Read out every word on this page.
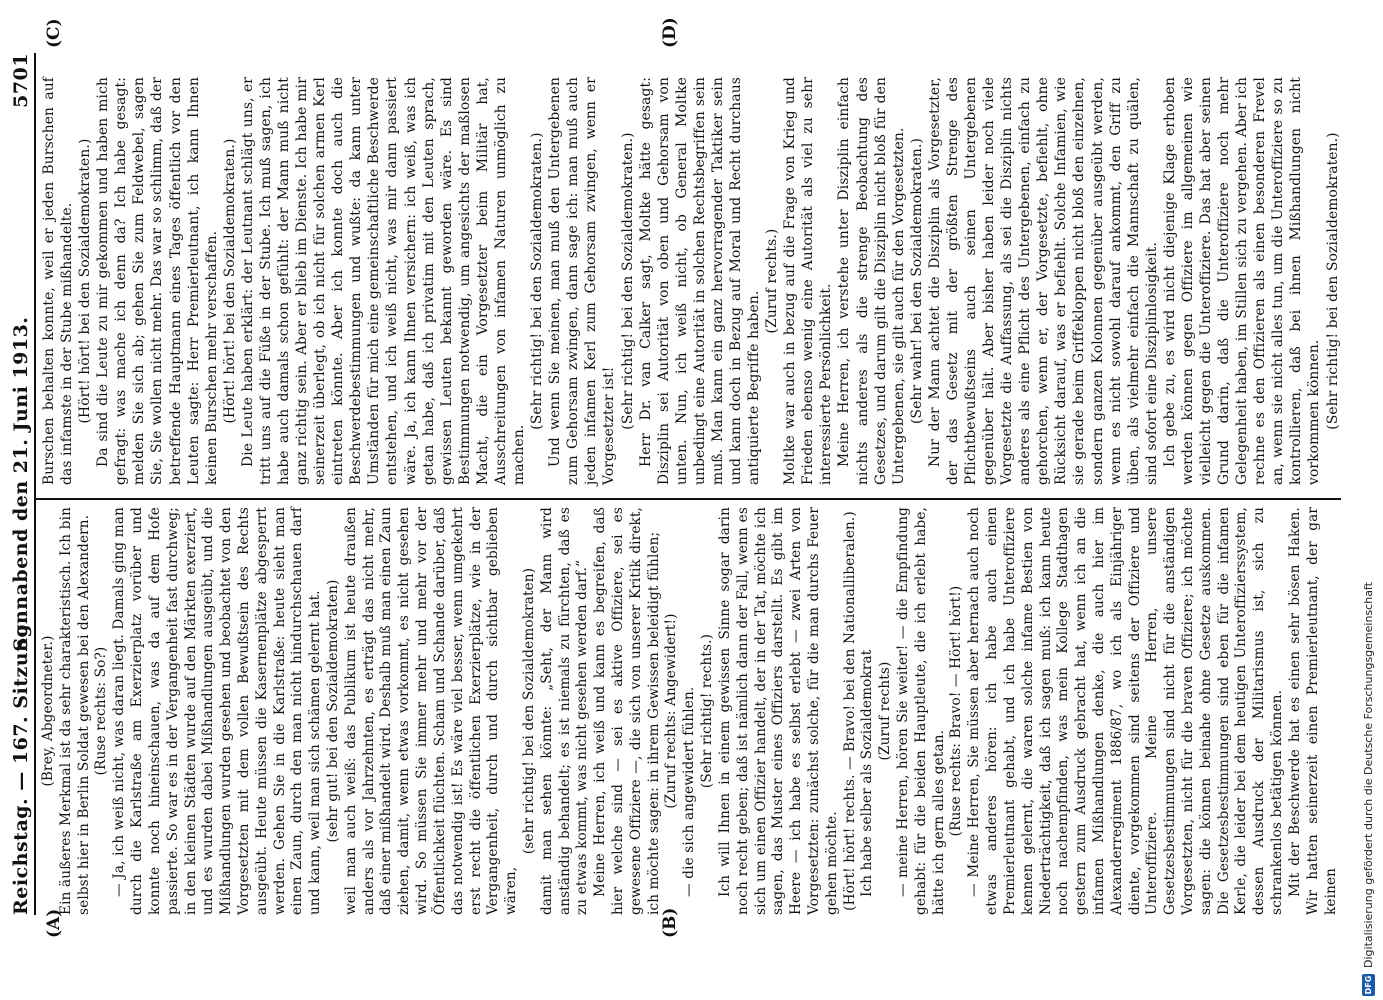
Reichstag. — 167. Sitzung.
Sonnabend den 21. Juni 1913.
5701
(A)	(B)
(C)	(D)

(Brey, Abgeordneter.) Ein äußeres Merkmal ist da sehr charakteristisch. Ich bin selbst hier in Berlin Soldat gewesen bei den Alexandern. (Ruse rechts: So?) — Ja, ich weiß nicht, was daran liegt. Damals ging man durch die Karlstraße am Exerzierplatz vorüber und konnte noch hineinschauen, was da auf dem Hofe passierte. So war es in der Vergangenheit fast durchweg; in den kleinen Städten wurde auf den Märkten exerziert, und es wurden dabei Mißhandlungen ausgeübt, und die Mißhandlungen wurden gesehen und beobachtet von den Vorgesetzten mit dem vollen Bewußtsein des Rechts ausgeübt. Heute müssen die Kasernenplätze abgesperrt werden. Gehen Sie in die Karlstraße: heute sieht man einen Zaun, durch den man nicht hindurchschauen darf und kann, weil man sich schämen gelernt hat. (sehr gut! bei den Sozialdemokraten) weil man auch weiß: das Publikum ist heute draußen anders als vor Jahrzehnten, es erträgt das nicht mehr, daß einer mißhandelt wird. Deshalb muß man einen Zaun ziehen, damit, wenn etwas vorkommt, es nicht gesehen wird. So müssen Sie immer mehr und mehr vor der Öffentlichkeit flüchten. Scham und Schande darüber, daß das notwendig ist! Es wäre viel besser, wenn umgekehrt erst recht die öffentlichen Exerzierplätze, wie in der Vergangenheit, durch und durch sichtbar geblieben wären,

(sehr richtig! bei den Sozialdemokraten) damit man sehen könnte: „Seht, der Mann wird anständig behandelt; es ist niemals zu fürchten, daß es zu etwas kommt, was nicht gesehen werden darf.“ Meine Herren, ich weiß und kann es begreifen, daß hier welche sind — sei es aktive Offiziere, sei es gewesene Offiziere —, die sich von unserer Kritik direkt, ich möchte sagen: in ihrem Gewissen beleidigt fühlen; (Zuruf rechts: Angewidert!) — die sich angewidert fühlen. (Sehr richtig! rechts.) Ich will Ihnen in einem gewissen Sinne sogar darin noch recht geben; daß ist nämlich dann der Fall, wenn es sich um einen Offizier handelt, der in der Tat, möchte ich sagen, das Muster eines Offiziers darstellt. Es gibt im Heere — ich habe es selbst erlebt — zwei Arten von Vorgesetzten: zunächst solche, für die man durchs Feuer gehen möchte. (Hört! hört! rechts. — Bravo! bei den Nationalliberalen.) Ich habe selber als Sozialdemokrat (Zuruf rechts) — meine Herren, hören Sie weiter! — die Empfindung gehabt: für die beiden Hauptleute, die ich erlebt habe, hätte ich gern alles getan. (Ruse rechts: Bravo! — Hört! hört!) — Meine Herren, Sie müssen aber hernach auch noch etwas anderes hören: ich habe auch einen Premierleutnant gehabt, und ich habe Unteroffiziere kennen gelernt, die waren solche infame Bestien von Niederträchtigkeit, daß ich sagen muß: ich kann heute noch nachempfinden, was mein Kollege Stadthagen gestern zum Ausdruck gebracht hat, wenn ich an die infamen Mißhandlungen denke, die auch hier im Alexanderregiment 1886/87, wo ich als Einjähriger diente, vorgekommen sind seitens der Offiziere und Unteroffiziere. Meine Herren, unsere Gesetzesbestimmungen sind nicht für die anständigen Vorgesetzten, nicht für die braven Offiziere; ich möchte sagen: die können beinahe ohne Gesetze auskommen. Die Gesetzesbestimmungen sind eben für die infamen Kerle, die leider bei dem heutigen Unteroffizierssystem, dessen Ausdruck der Militarismus ist, sich zu schrankenlos betätigen können. Mit der Beschwerde hat es einen sehr bösen Haken. Wir hatten seinerzeit einen Premierleutnant, der gar keinen

Burschen behalten konnte, weil er jeden Burschen auf das infamste in der Stube mißhandelte. (Hört! hört! bei den Sozialdemokraten.) Da sind die Leute zu mir gekommen und haben mich gefragt: was mache ich denn da? Ich habe gesagt: melden Sie sich ab; gehen Sie zum Feldwebel, sagen Sie, Sie wollen nicht mehr. Das war so schlimm, daß der betreffende Hauptmann eines Tages öffentlich vor den Leuten sagte: Herr Premierleutnant, ich kann Ihnen keinen Burschen mehr verschaffen. (Hört! hört! bei den Sozialdemokraten.) Die Leute haben erklärt: der Leutnant schlägt uns, er tritt uns auf die Füße in der Stube. Ich muß sagen, ich habe auch damals schon gefühlt: der Mann muß nicht ganz richtig sein. Aber er blieb im Dienste. Ich habe mir seinerzeit überlegt, ob ich nicht für solchen armen Kerl eintreten könnte. Aber ich konnte doch auch die Beschwerdebestimmungen und wußte: da kann unter Umständen für mich eine gemeinschaftliche Beschwerde entstehen, und ich weiß nicht, was mir dann passiert wäre. Ja, ich kann Ihnen versichern: ich weiß, was ich getan habe, daß ich privatim mit den Leuten sprach, gewissen Leuten bekannt geworden wäre. Es sind Bestimmungen notwendig, um angesichts der maßlosen Macht, die ein Vorgesetzter beim Militär hat, Ausschreitungen von infamen Naturen unmöglich zu machen.

(Sehr richtig! bei den Sozialdemokraten.) Und wenn Sie meinen, man muß den Untergebenen zum Gehorsam zwingen, dann sage ich: man muß auch jeden infamen Kerl zum Gehorsam zwingen, wenn er Vorgesetzter ist! (Sehr richtig! bei den Sozialdemokraten.) Herr Dr. van Calker sagt, Moltke hätte gesagt: Disziplin sei Autorität von oben und Gehorsam von unten. Nun, ich weiß nicht, ob General Moltke unbedingt eine Autorität in solchen Rechtsbegriffen sein muß. Man kann ein ganz hervorragender Taktiker sein und kann doch in Bezug auf Moral und Recht durchaus antiquierte Begriffe haben.

(Zuruf rechts.) Moltke war auch in bezug auf die Frage von Krieg und Frieden ebenso wenig eine Autorität als viel zu sehr interessierte Persönlichkeit. Meine Herren, ich verstehe unter Disziplin einfach nichts anderes als die strenge Beobachtung des Gesetzes, und darum gilt die Disziplin nicht bloß für den Untergebenen, sie gilt auch für den Vorgesetzten. (Sehr wahr! bei den Sozialdemokraten.) Nur der Mann achtet die Disziplin als Vorgesetzter, der das Gesetz mit der größten Strenge des Pflichtbewußtseins auch seinen Untergebenen gegenüber hält. Aber bisher haben leider noch viele Vorgesetzte die Auffassung, als sei die Disziplin nichts anderes als eine Pflicht des Untergebenen, einfach zu gehorchen, wenn er, der Vorgesetzte, befiehlt, ohne Rücksicht darauf, was er befiehlt. Solche Infamien, wie sie gerade beim Griffekloppen nicht bloß den einzelnen, sondern ganzen Kolonnen gegenüber ausgeübt werden, wenn es nicht sowohl darauf ankommt, den Griff zu üben, als vielmehr einfach die Mannschaft zu quälen, sind sofort eine Disziplinlosigkeit. Ich gebe zu, es wird nicht diejenige Klage erhoben werden können gegen Offiziere im allgemeinen wie vielleicht gegen die Unteroffiziere. Das hat aber seinen Grund darin, daß die Unteroffiziere noch mehr Gelegenheit haben, im Stillen sich zu vergehen. Aber ich rechne es den Offizieren als einen besonderen Frevel an, wenn sie nicht alles tun, um die Unteroffiziere so zu kontrollieren, daß bei ihnen Mißhandlungen nicht vorkommen können. (Sehr richtig! bei den Sozialdemokraten.)

DFG
Digitalisierung gefördert durch die Deutsche Forschungsgemeinschaft
